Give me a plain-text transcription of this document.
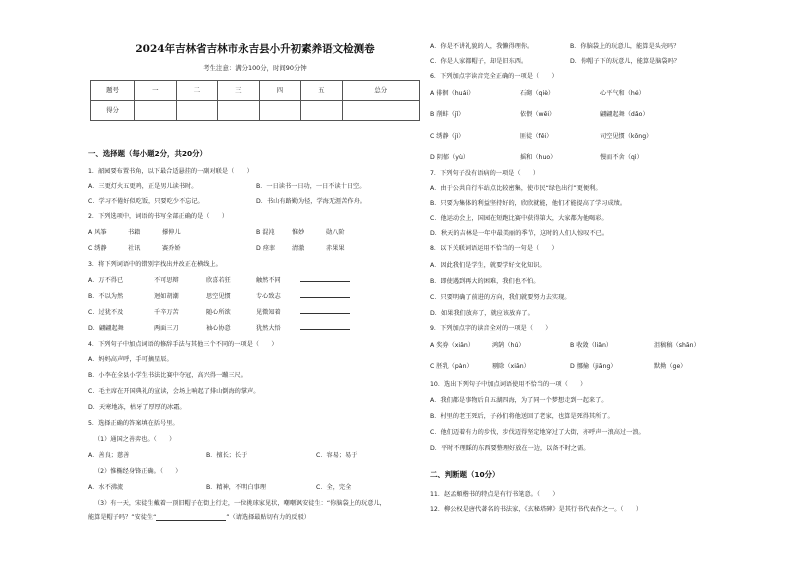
2024年吉林省吉林市永吉县小升初素养语文检测卷
考生注意：满分100分，时间90分钟
题号	一	二	三	四	五	总分
得分						
一、选择题（每小题2分，共20分）
1．韶园要布置书角，以下最合适悬挂的一副对联是（　　）
A．三更灯火五更鸡，正是男儿读书时。	B．一日读书一日功，一日不读十日空。
C．学习不倦好似吃饭，只要吃少不忘记。	D．书山有路勤为径，学海无涯苦作舟。
2．下列选项中，词语的书写全部正确的是（　　）
A 风筝	书籍	撑伸儿	B 混沌	惟妙	勋八阶
C 绣静	社讯	赛乔娇	D 痉挛	清澈	赤果果
3．将下列词语中的错别字找出并改正在横线上。
A．万不得已	不可思辩	欣喜若狂	触然不同
B．不以为然	迥如胡潮	思空见惯	专心致志
C．过犹不及	千辛万苦	随心所欲	见微知着
D．翩翩起舞	两面三刀	袖心协意	犹然大悟
4．下列句子中加点词语的修辞手法与其他三个不同的一项是（　　）
A．妈妈高声呼，手可摘星辰。
B．小李在全县小学生书法比赛中夺冠，高兴得一蹦三尺。
C．毛主席在开国典礼的宣读，会场上响起了排山倒海的掌声。
D．天寒地冻，枯牙了厚厚的冰霜。
5．选择正确的答案填在括号里。
（1）通国之善弈也。（　　）
A．善良；慈善	B．擅长；长于	C．容易；易于
（2）惟椭经身锋正确。（　　）
A．水不沸流	B．精神，不明白事理	C．全，完全
（3）有一天，宋徒生戴着一顶旧帽子在街上行走，一位挑球家见状，嘲嘲讽安徒生：“你脑袋上的玩意儿，
能算是帽子吗？”安徒生“	”（请选择最贴切有力的反驳）
A．你是不讲礼貌的人，我懒得理你。	B．你脑袋上的玩意儿，能算是头壳吗？
C．你是人家都帽子，却是旧东西。	D．你帽子下的玩意儿，能算是脑袋吗？
6．下列加点字读音完全正确的一项是（　　）
A 徘徊（huái）	石砌（qiè）	心平气和（hé）
B 削蚌（jǐ）	依偎（wēi）	翩翩起舞（dǎo）
C 绣静（jì）	匪徒（fěi）	司空见惯（kōng）
D 阴郁（yù）	摇和（huo）	慢而不舍（qì）
7．下列句子没有语病的一项是（　　）
A．由于公共自行车站点比较密集，使市民“绿色出行”更便利。
B．只要为集体的利益坚持好的，欣欣就能，他们才能提高了学习成绩。
C．他运动会上，国园在短跑比赛中获得第大，大家都为他喝彩。
D．秋天的吉林是一年中最美丽的季节，这时的人们人惊叹不已。
8．以下关联词语运用不恰当的一句是（　　）
A．因此我们是学生，就要学好文化知识。
B．即使遇到再大的困难，我们也不怕。
C．只要明确了前进的方向，我们就要努力去实现。
D．如果我们放弃了，就应该放弃了。
9．下列加点字的读音全对的一项是（　　）
A 奖券（xiān）	鸿鹄（hú）	B 收敛（liǎn）	沮稿稿（shān）
C 胚乳（pàn）	剔除（xiān）	D 挪揄（jiāng）	默拗（ge）
10．选出下列句子中加点词语使用不恰当的一项（　　）
A．我们都是事物后自五湖四海，为了同一个梦想走到一起来了。
B．村里的老王死后，子孙们将他送回了老家，也算是死得其所了。
C．他们迈着有力的步伐，步伐迈得坚定地穿过了大街，亦呼声一浪高过一浪。
D．平时不理睬的东西要整理好放在一边，以备不时之需。
二、判断题（10分）
11．赵孟頫楷书的特点是有行书笔意。（　　）
12．柳公权是唐代著名的书法家，《玄秘塔碑》是其行书代表作之一。（　　）
